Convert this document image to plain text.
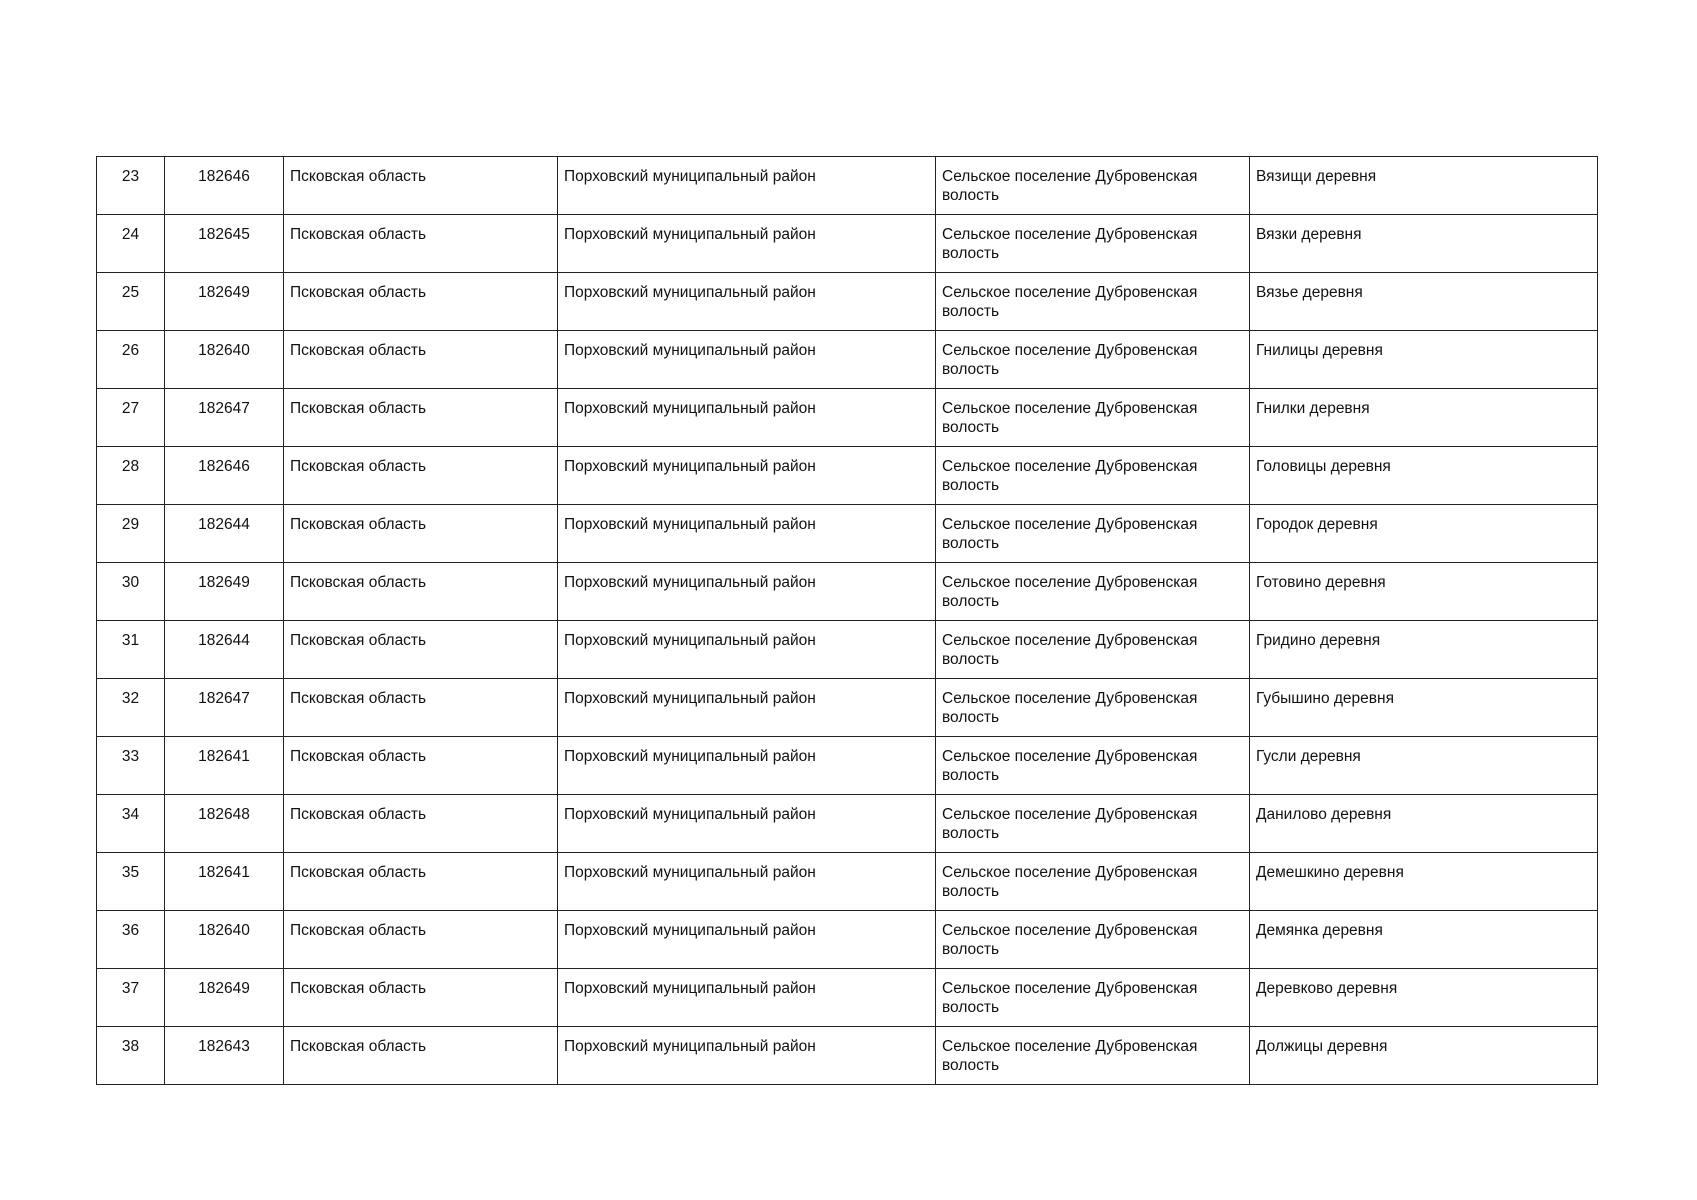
23	182646	Псковская область	Порховский муниципальный район	Сельское поселение Дубровенская волость	Вязищи деревня
24	182645	Псковская область	Порховский муниципальный район	Сельское поселение Дубровенская волость	Вязки деревня
25	182649	Псковская область	Порховский муниципальный район	Сельское поселение Дубровенская волость	Вязье деревня
26	182640	Псковская область	Порховский муниципальный район	Сельское поселение Дубровенская волость	Гнилицы деревня
27	182647	Псковская область	Порховский муниципальный район	Сельское поселение Дубровенская волость	Гнилки деревня
28	182646	Псковская область	Порховский муниципальный район	Сельское поселение Дубровенская волость	Головицы деревня
29	182644	Псковская область	Порховский муниципальный район	Сельское поселение Дубровенская волость	Городок деревня
30	182649	Псковская область	Порховский муниципальный район	Сельское поселение Дубровенская волость	Готовино деревня
31	182644	Псковская область	Порховский муниципальный район	Сельское поселение Дубровенская волость	Гридино деревня
32	182647	Псковская область	Порховский муниципальный район	Сельское поселение Дубровенская волость	Губышино деревня
33	182641	Псковская область	Порховский муниципальный район	Сельское поселение Дубровенская волость	Гусли деревня
34	182648	Псковская область	Порховский муниципальный район	Сельское поселение Дубровенская волость	Данилово деревня
35	182641	Псковская область	Порховский муниципальный район	Сельское поселение Дубровенская волость	Демешкино деревня
36	182640	Псковская область	Порховский муниципальный район	Сельское поселение Дубровенская волость	Демянка деревня
37	182649	Псковская область	Порховский муниципальный район	Сельское поселение Дубровенская волость	Деревково деревня
38	182643	Псковская область	Порховский муниципальный район	Сельское поселение Дубровенская волость	Должицы деревня
